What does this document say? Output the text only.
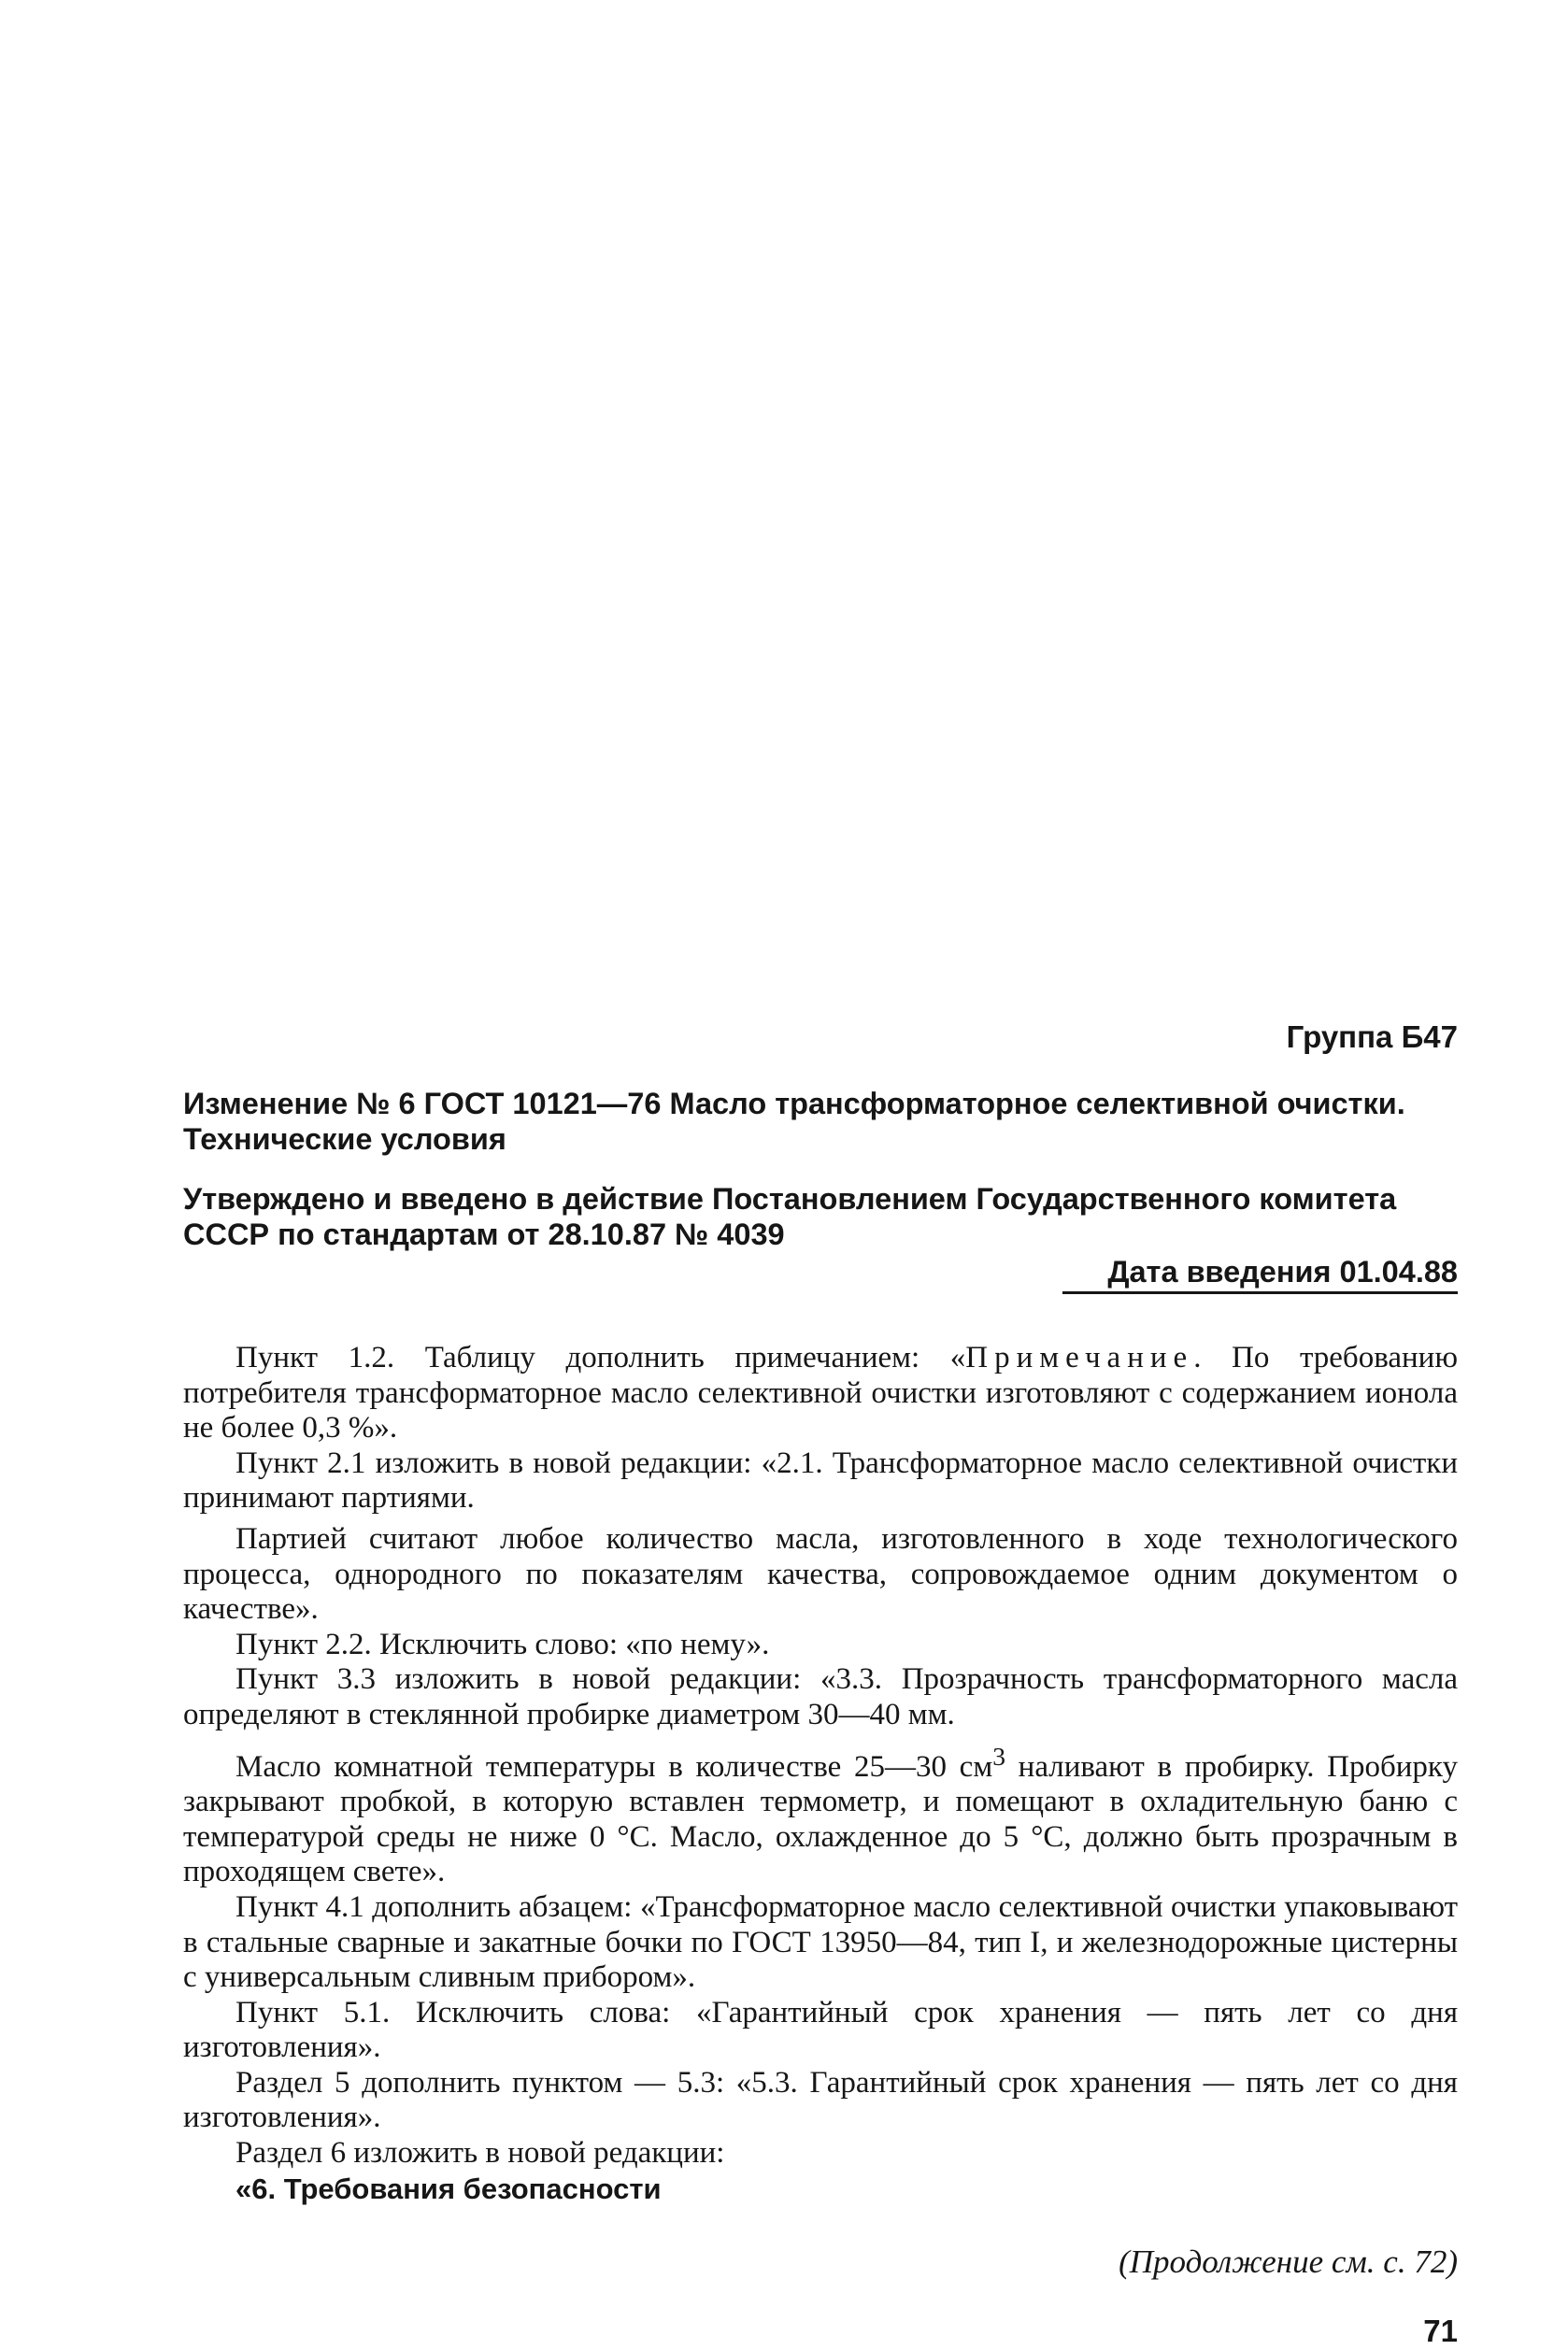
Группа Б47

Изменение № 6 ГОСТ 10121—76 Масло трансформаторное селективной очистки. Технические условия

Утверждено и введено в действие Постановлением Государственного комитета СССР по стандартам от 28.10.87 № 4039

Дата введения 01.04.88

Пункт 1.2. Таблицу дополнить примечанием: «Примечание. По требованию потребителя трансформаторное масло селективной очистки изготовляют с содержанием ионола не более 0,3 %».

Пункт 2.1 изложить в новой редакции: «2.1. Трансформаторное масло селективной очистки принимают партиями.

Партией считают любое количество масла, изготовленного в ходе технологического процесса, однородного по показателям качества, сопровождаемое одним документом о качестве».

Пункт 2.2. Исключить слово: «по нему».

Пункт 3.3 изложить в новой редакции: «3.3. Прозрачность трансформаторного масла определяют в стеклянной пробирке диаметром 30—40 мм.

Масло комнатной температуры в количестве 25—30 $см^3$ наливают в пробирку. Пробирку закрывают пробкой, в которую вставлен термометр, и помещают в охладительную баню с температурой среды не ниже 0 °С. Масло, охлажденное до 5 °С, должно быть прозрачным в проходящем свете».

Пункт 4.1 дополнить абзацем: «Трансформаторное масло селективной очистки упаковывают в стальные сварные и закатные бочки по ГОСТ 13950—84, тип I, и железнодорожные цистерны с универсальным сливным прибором».

Пункт 5.1. Исключить слова: «Гарантийный срок хранения — пять лет со дня изготовления».

Раздел 5 дополнить пунктом — 5.3: «5.3. Гарантийный срок хранения — пять лет со дня изготовления».

Раздел 6 изложить в новой редакции:

«6. Требования безопасности

(Продолжение см. с. 72)
71
